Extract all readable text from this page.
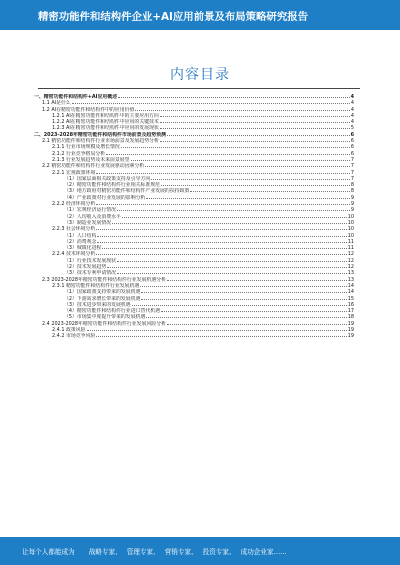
精密功能件和结构件企业+AI应用前景及布局策略研究报告
内容目录
一、精密功能件和结构件+AI应用概述	4
1.1 AI是什么	4
1.2 AI在精密功能件和结构件中的应用价值	4
1.2.1 AI在精密功能件和结构件中的主要应用方向	4
1.2.2 AI在精密功能件和结构件中应用的关键技术	4
1.2.3 AI在精密功能件和结构件中应用的发展现状	5
二、2023-2028年精密功能件和结构件市场前景及趋势预测	6
2.1 精密功能件和结构件行业市场前景及发展趋势分析	6
2.1.1 行业市场规模及增长情况	6
2.1.2 行业竞争格局分析	6
2.1.3 行业发展趋势及未来前景展望	7
2.2 精密功能件和结构件行业发展驱动因素分析	7
2.2.1 宏观政策环境	7
（1）国家层面相关政策支持及引导方向	7
（2）精密功能件和结构件行业相关标准规范	8
（3）地方政府对精密功能件和结构件产业发展的扶持政策	8
（4）产业政策对行业发展的影响分析	9
2.2.2 经济环境分析	9
（1）宏观经济运行情况	9
（2）人均收入及消费水平	10
（3）制造业发展情况	10
2.2.3 社会环境分析	10
（1）人口结构	10
（2）消费观念	11
（3）城镇化进程	11
2.2.4 技术环境分析	12
（1）行业技术发展现状	12
（2）技术发展趋势	12
（3）技术专利申请情况	13
2.3 2023-2028年精密功能件和结构件行业发展机遇分析	13
2.3.1 精密功能件和结构件行业发展机遇	14
（1）国家政策支持带来的发展机遇	14
（2）下游需求增长带来的发展机遇	15
（3）技术进步带来的发展机遇	16
（4）精密功能件和结构件行业进口替代机遇	17
（5）市场集中度提升带来的发展机遇	18
2.4 2023-2028年精密功能件和结构件行业发展风险分析	19
2.4.1 政策风险	19
2.4.2 市场竞争风险	19
让每个人都能成为 战略专家、 管理专家、 营销专家、 投资专家、 成功企业家……
